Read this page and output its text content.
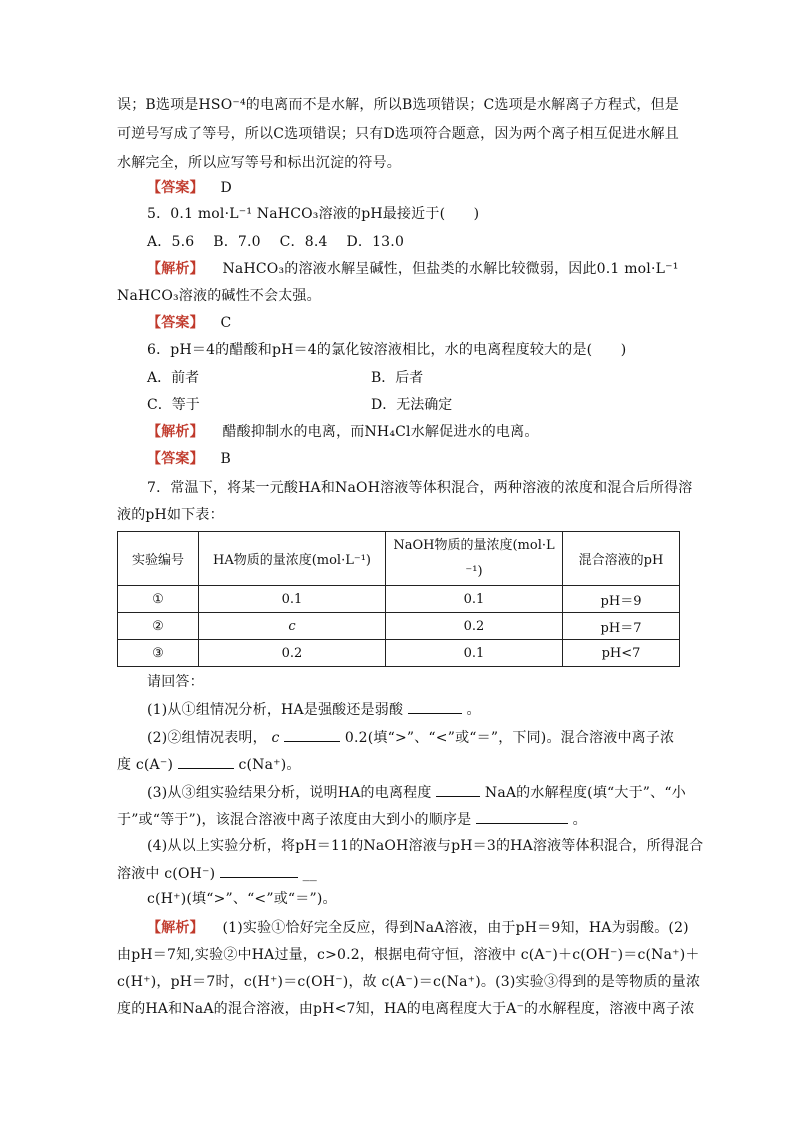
误；B选项是HSO⁻⁴的电离而不是水解，所以B选项错误；C选项是水解离子方程式，但是
可逆号写成了等号，所以C选项错误；只有D选项符合题意，因为两个离子相互促进水解且
水解完全，所以应写等号和标出沉淀的符号。
【答案】 D
5．0.1 mol·L⁻¹ NaHCO₃溶液的pH最接近于(　　)
A．5.6　 B．7.0　 C．8.4　 D．13.0
【解析】 NaHCO₃的溶液水解呈碱性，但盐类的水解比较微弱，因此0.1 mol·L⁻¹
NaHCO₃溶液的碱性不会太强。
【答案】 C
6．pH＝4的醋酸和pH＝4的氯化铵溶液相比，水的电离程度较大的是(　　)
A．前者	B．后者
C．等于	D．无法确定
【解析】 醋酸抑制水的电离，而NH₄Cl水解促进水的电离。
【答案】 B
7．常温下，将某一元酸HA和NaOH溶液等体积混合，两种溶液的浓度和混合后所得溶
液的pH如下表：
实验编号	HA物质的量浓度(mol·L⁻¹)	NaOH物质的量浓度(mol·L
⁻¹)	混合溶液的pH
①	0.1	0.1	pH＝9
②	c	0.2	pH＝7
③	0.2	0.1	pH<7
请回答：
(1)从①组情况分析，HA是强酸还是弱酸	。
(2)②组情况表明， c	0.2(填“>”、“<”或“＝”，下同)。混合溶液中离子浓
度 c(A⁻)	c(Na⁺)。
(3)从③组实验结果分析，说明HA的电离程度	NaA的水解程度(填“大于”、“小
于”或“等于”)，该混合溶液中离子浓度由大到小的顺序是	。
(4)从以上实验分析，将pH＝11的NaOH溶液与pH＝3的HA溶液等体积混合，所得混合
溶液中 c(OH⁻)	__
c(H⁺)(填“>”、“<”或“＝”)。
【解析】 (1)实验①恰好完全反应，得到NaA溶液，由于pH＝9知，HA为弱酸。(2)
由pH＝7知,实验②中HA过量，c>0.2，根据电荷守恒，溶液中 c(A⁻)＋c(OH⁻)＝c(Na⁺)＋
c(H⁺)，pH＝7时，c(H⁺)＝c(OH⁻)，故 c(A⁻)＝c(Na⁺)。(3)实验③得到的是等物质的量浓
度的HA和NaA的混合溶液，由pH<7知，HA的电离程度大于A⁻的水解程度，溶液中离子浓
